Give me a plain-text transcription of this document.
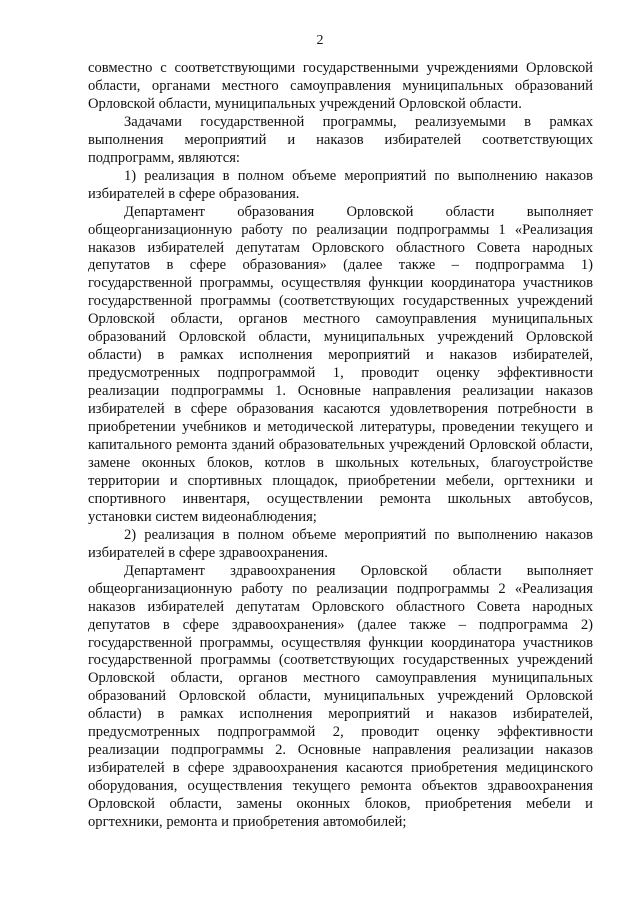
2

совместно с соответствующими государственными учреждениями Орловской области, органами местного самоуправления муниципальных образований Орловской области, муниципальных учреждений Орловской области.

Задачами государственной программы, реализуемыми в рамках выполнения мероприятий и наказов избирателей соответствующих подпрограмм, являются:

1) реализация в полном объеме мероприятий по выполнению наказов избирателей в сфере образования.

Департамент образования Орловской области выполняет общеорганизационную работу по реализации подпрограммы 1 «Реализация наказов избирателей депутатам Орловского областного Совета народных депутатов в сфере образования» (далее также – подпрограмма 1) государственной программы, осуществляя функции координатора участников государственной программы (соответствующих государственных учреждений Орловской области, органов местного самоуправления муниципальных образований Орловской области, муниципальных учреждений Орловской области) в рамках исполнения мероприятий и наказов избирателей, предусмотренных подпрограммой 1, проводит оценку эффективности реализации подпрограммы 1. Основные направления реализации наказов избирателей в сфере образования касаются удовлетворения потребности в приобретении учебников и методической литературы, проведении текущего и капитального ремонта зданий образовательных учреждений Орловской области, замене оконных блоков, котлов в школьных котельных, благоустройстве территории и спортивных площадок, приобретении мебели, оргтехники и спортивного инвентаря, осуществлении ремонта школьных автобусов, установки систем видеонаблюдения;

2) реализация в полном объеме мероприятий по выполнению наказов избирателей в сфере здравоохранения.

Департамент здравоохранения Орловской области выполняет общеорганизационную работу по реализации подпрограммы 2 «Реализация наказов избирателей депутатам Орловского областного Совета народных депутатов в сфере здравоохранения» (далее также – подпрограмма 2) государственной программы, осуществляя функции координатора участников государственной программы (соответствующих государственных учреждений Орловской области, органов местного самоуправления муниципальных образований Орловской области, муниципальных учреждений Орловской области) в рамках исполнения мероприятий и наказов избирателей, предусмотренных подпрограммой 2, проводит оценку эффективности реализации подпрограммы 2. Основные направления реализации наказов избирателей в сфере здравоохранения касаются приобретения медицинского оборудования, осуществления текущего ремонта объектов здравоохранения Орловской области, замены оконных блоков, приобретения мебели и оргтехники, ремонта и приобретения автомобилей;
